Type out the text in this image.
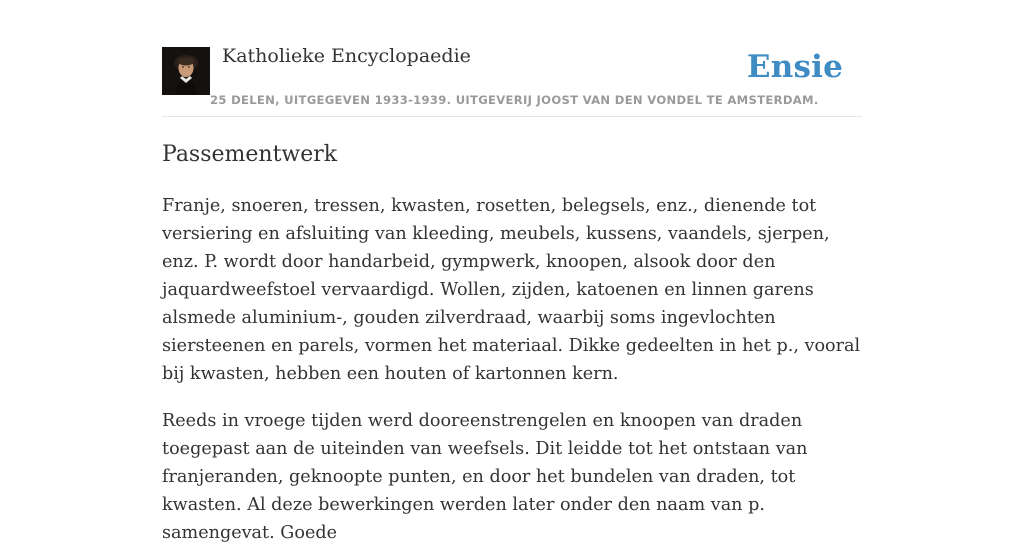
Katholieke Encyclopaedie	Ensie
25 DELEN, UITGEGEVEN 1933-1939. UITGEVERIJ JOOST VAN DEN VONDEL TE AMSTERDAM.
Passementwerk

Franje, snoeren, tressen, kwasten, rosetten, belegsels, enz., dienende tot versiering en afsluiting van kleeding, meubels, kussens, vaandels, sjerpen, enz. P. wordt door handarbeid, gympwerk, knoopen, alsook door den jaquardweefstoel vervaardigd. Wollen, zijden, katoenen en linnen garens alsmede aluminium-, gouden zilverdraad, waarbij soms ingevlochten siersteenen en parels, vormen het materiaal. Dikke gedeelten in het p., vooral bij kwasten, hebben een houten of kartonnen kern.

Reeds in vroege tijden werd dooreenstrengelen en knoopen van draden toegepast aan de uiteinden van weefsels. Dit leidde tot het ontstaan van franjeranden, geknoopte punten, en door het bundelen van draden, tot kwasten. Al deze bewerkingen werden later onder den naam van p. samengevat. Goede
